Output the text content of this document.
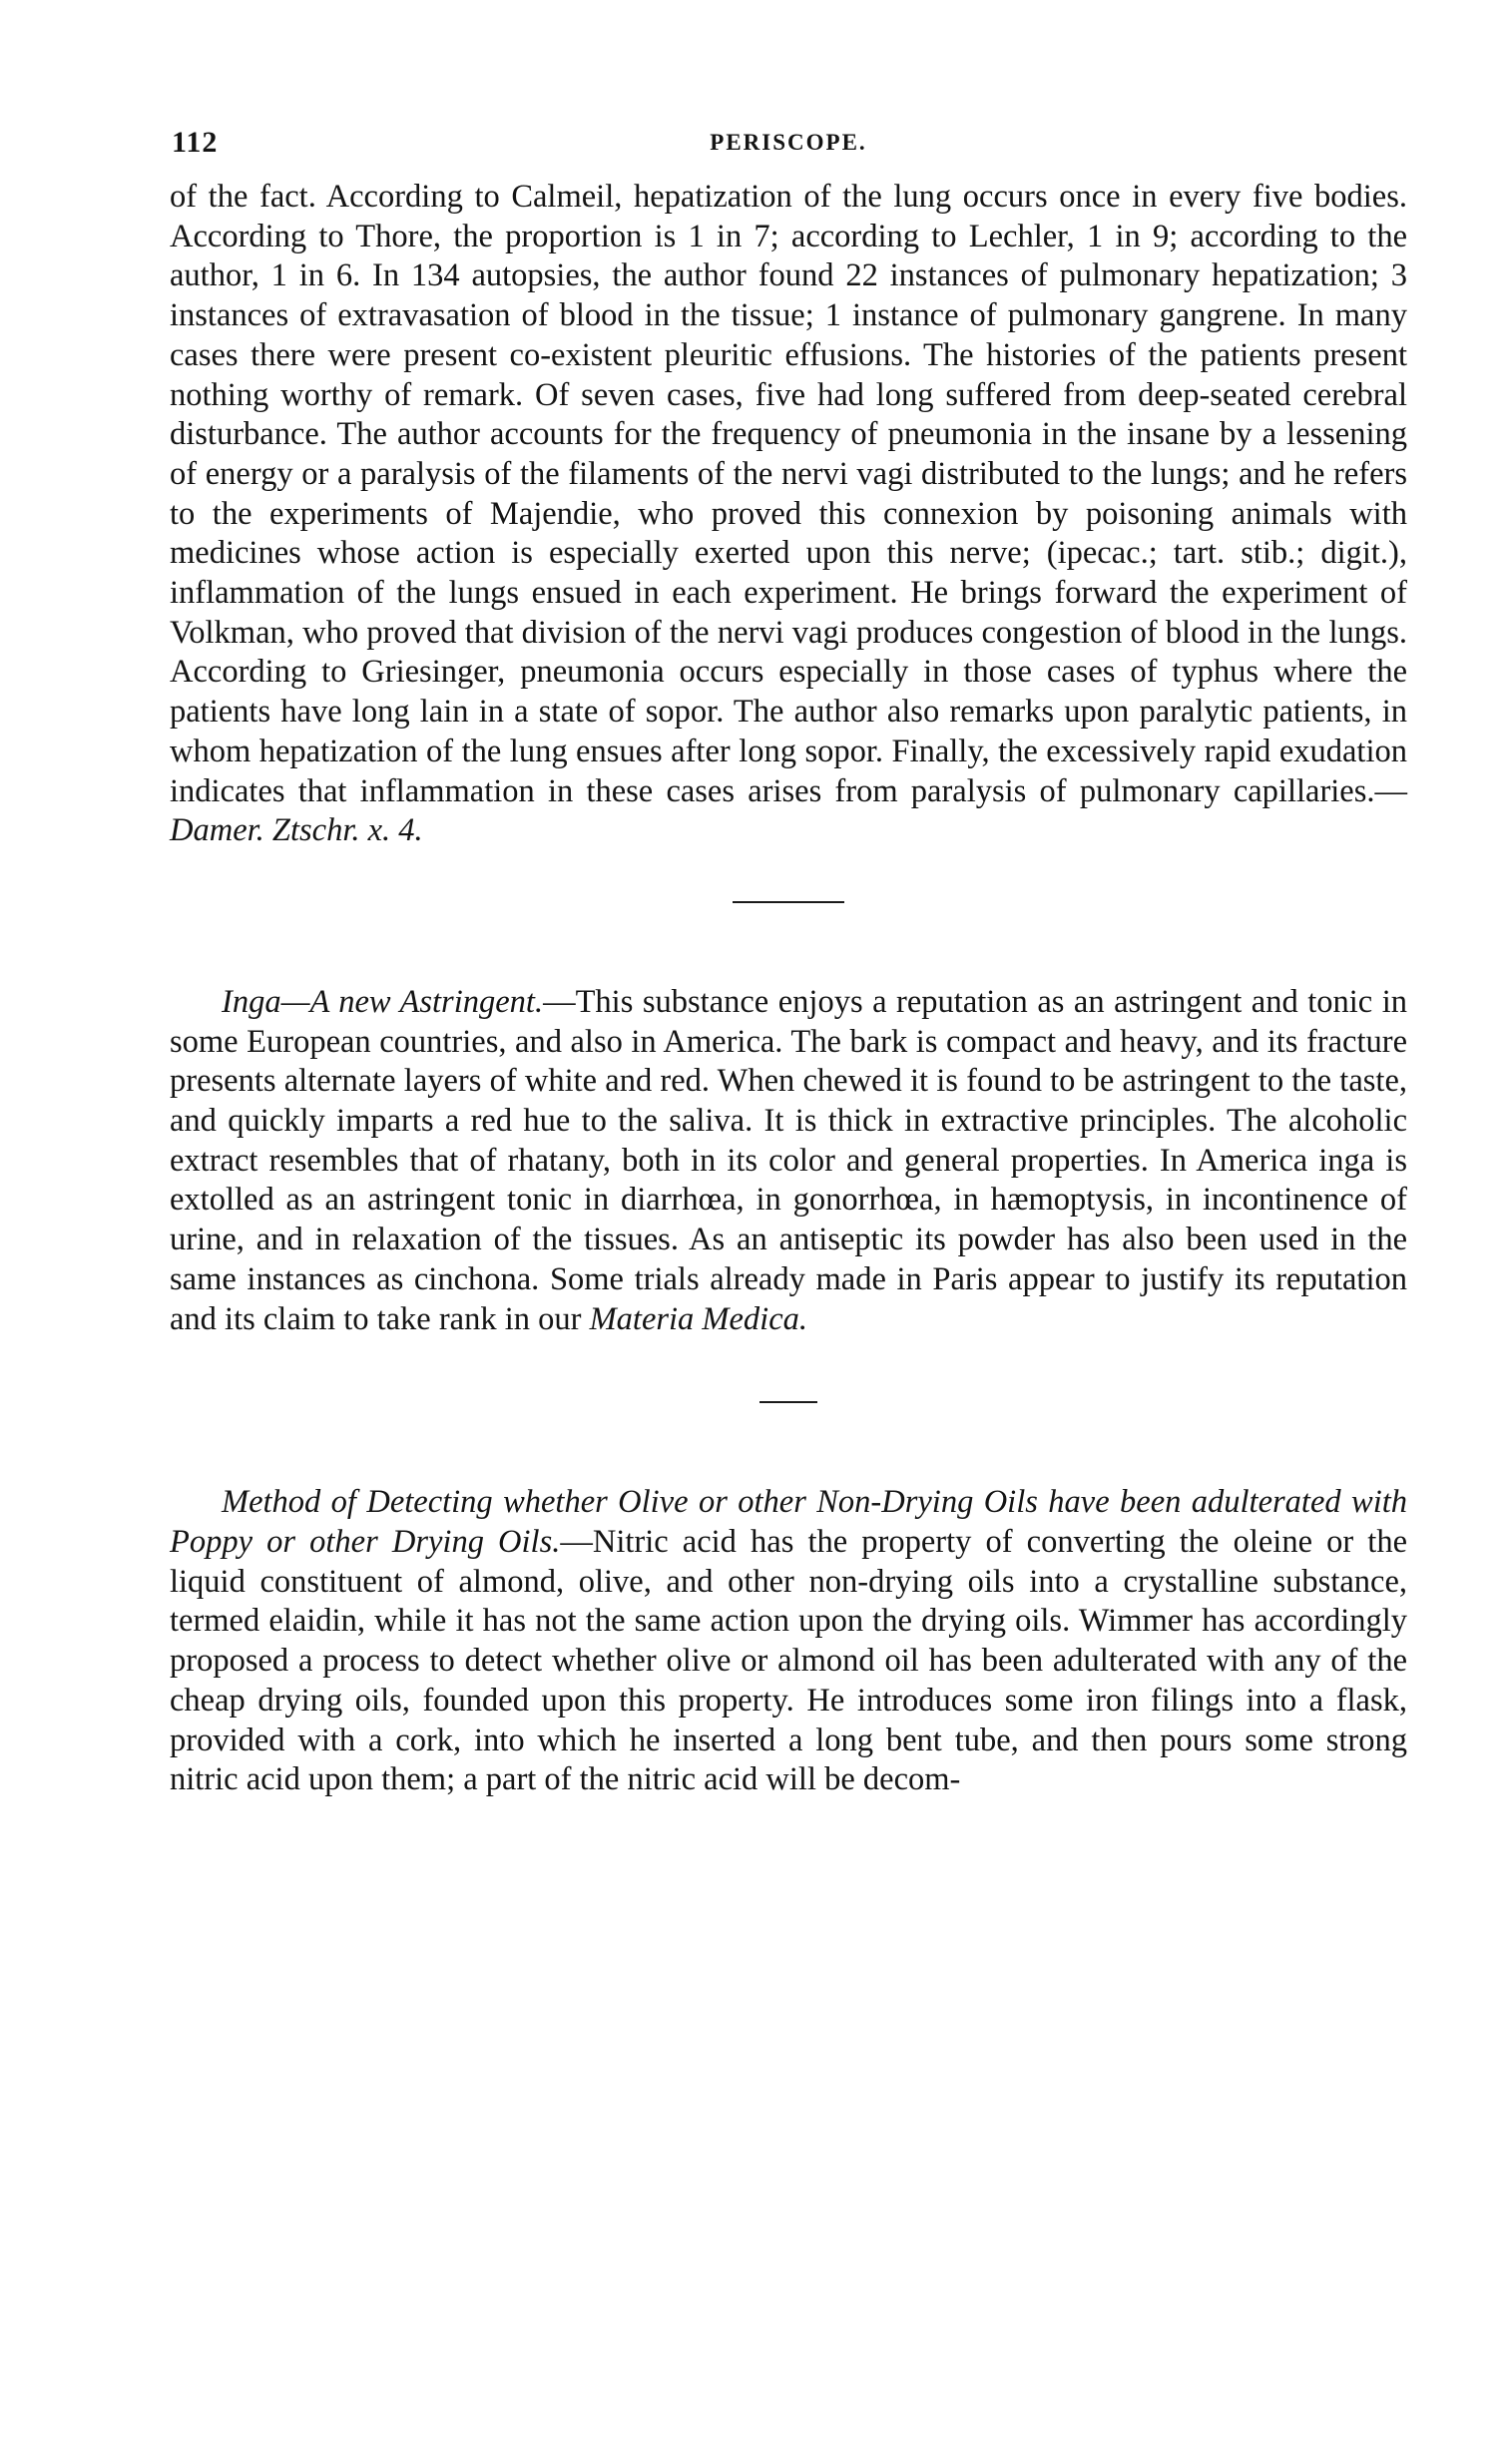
112	PERISCOPE.

of the fact. According to Calmeil, hepatization of the lung occurs once in every five bodies. According to Thore, the proportion is 1 in 7; according to Lechler, 1 in 9; according to the author, 1 in 6. In 134 autopsies, the author found 22 instances of pulmonary hepatization; 3 instances of extravasation of blood in the tissue; 1 instance of pulmonary gangrene. In many cases there were present co-existent pleuritic effusions. The histories of the patients present nothing worthy of remark. Of seven cases, five had long suffered from deep-seated cerebral disturbance. The author accounts for the frequency of pneumonia in the insane by a lessening of energy or a paralysis of the filaments of the nervi vagi distributed to the lungs; and he refers to the experiments of Majendie, who proved this connexion by poisoning animals with medicines whose action is especially exerted upon this nerve; (ipecac.; tart. stib.; digit.), inflammation of the lungs ensued in each experiment. He brings forward the experiment of Volkman, who proved that division of the nervi vagi produces congestion of blood in the lungs. According to Griesinger, pneumonia occurs especially in those cases of typhus where the patients have long lain in a state of sopor. The author also remarks upon paralytic patients, in whom hepatization of the lung ensues after long sopor. Finally, the excessively rapid exudation indicates that inflammation in these cases arises from paralysis of pulmonary capillaries.—Damer. Ztschr. x. 4.

Inga—A new Astringent.—This substance enjoys a reputation as an astringent and tonic in some European countries, and also in America. The bark is compact and heavy, and its fracture presents alternate layers of white and red. When chewed it is found to be astringent to the taste, and quickly imparts a red hue to the saliva. It is thick in extractive principles. The alcoholic extract resembles that of rhatany, both in its color and general properties. In America inga is extolled as an astringent tonic in diarrhœa, in gonorrhœa, in hæmoptysis, in incontinence of urine, and in relaxation of the tissues. As an antiseptic its powder has also been used in the same instances as cinchona. Some trials already made in Paris appear to justify its reputation and its claim to take rank in our Materia Medica.

Method of Detecting whether Olive or other Non-Drying Oils have been adulterated with Poppy or other Drying Oils.—Nitric acid has the property of converting the oleine or the liquid constituent of almond, olive, and other non-drying oils into a crystalline substance, termed elaidin, while it has not the same action upon the drying oils. Wimmer has accordingly proposed a process to detect whether olive or almond oil has been adulterated with any of the cheap drying oils, founded upon this property. He introduces some iron filings into a flask, provided with a cork, into which he inserted a long bent tube, and then pours some strong nitric acid upon them; a part of the nitric acid will be decom-
